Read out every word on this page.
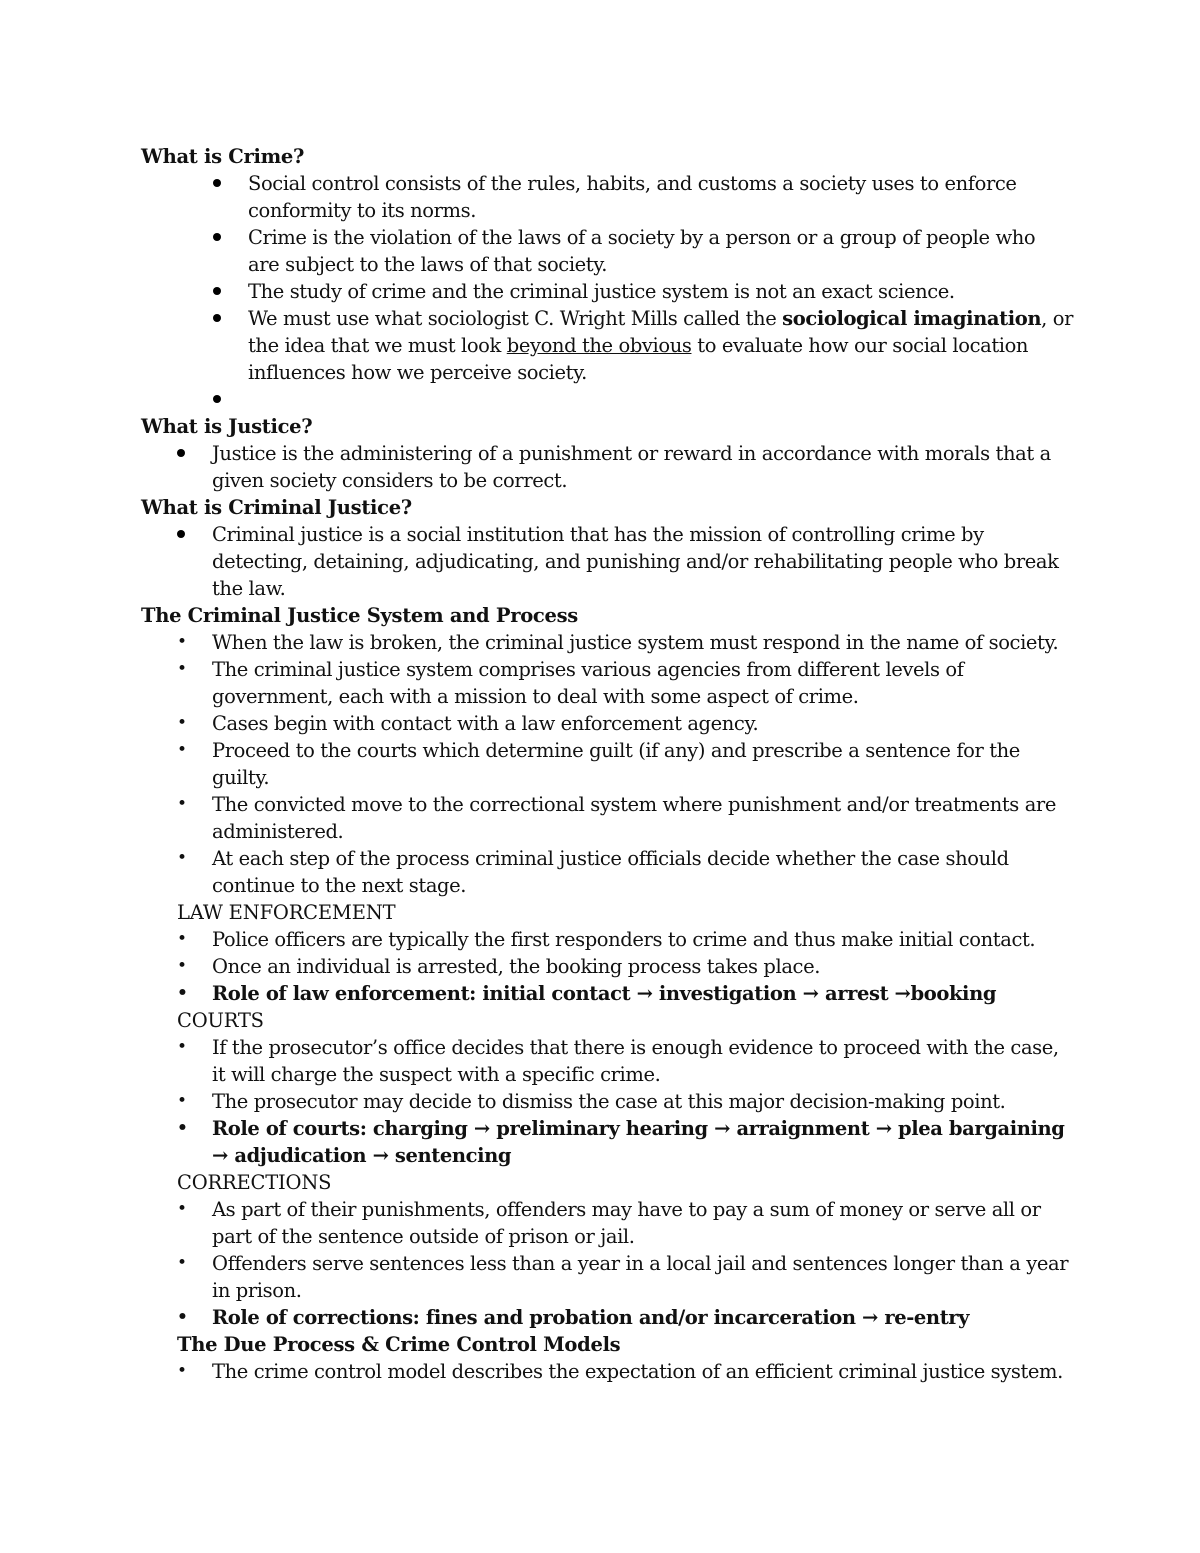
What is Crime?
Social control consists of the rules, habits, and customs a society uses to enforce
conformity to its norms.
Crime is the violation of the laws of a society by a person or a group of people who
are subject to the laws of that society.
The study of crime and the criminal justice system is not an exact science.
We must use what sociologist C. Wright Mills called the sociological imagination, or
the idea that we must look beyond the obvious to evaluate how our social location
influences how we perceive society.
What is Justice?
Justice is the administering of a punishment or reward in accordance with morals that a
given society considers to be correct.
What is Criminal Justice?
Criminal justice is a social institution that has the mission of controlling crime by
detecting, detaining, adjudicating, and punishing and/or rehabilitating people who break
the law.
The Criminal Justice System and Process
• When the law is broken, the criminal justice system must respond in the name of society.
• The criminal justice system comprises various agencies from different levels of
government, each with a mission to deal with some aspect of crime.
• Cases begin with contact with a law enforcement agency.
• Proceed to the courts which determine guilt (if any) and prescribe a sentence for the
guilty.
• The convicted move to the correctional system where punishment and/or treatments are
administered.
• At each step of the process criminal justice officials decide whether the case should
continue to the next stage.
LAW ENFORCEMENT
• Police officers are typically the first responders to crime and thus make initial contact.
• Once an individual is arrested, the booking process takes place.
• Role of law enforcement: initial contact → investigation → arrest →booking
COURTS
• If the prosecutor’s office decides that there is enough evidence to proceed with the case,
it will charge the suspect with a specific crime.
• The prosecutor may decide to dismiss the case at this major decision-making point.
• Role of courts: charging → preliminary hearing → arraignment → plea bargaining
→ adjudication → sentencing
CORRECTIONS
• As part of their punishments, offenders may have to pay a sum of money or serve all or
part of the sentence outside of prison or jail.
• Offenders serve sentences less than a year in a local jail and sentences longer than a year
in prison.
• Role of corrections: fines and probation and/or incarceration → re-entry
The Due Process & Crime Control Models
• The crime control model describes the expectation of an efficient criminal justice system.
